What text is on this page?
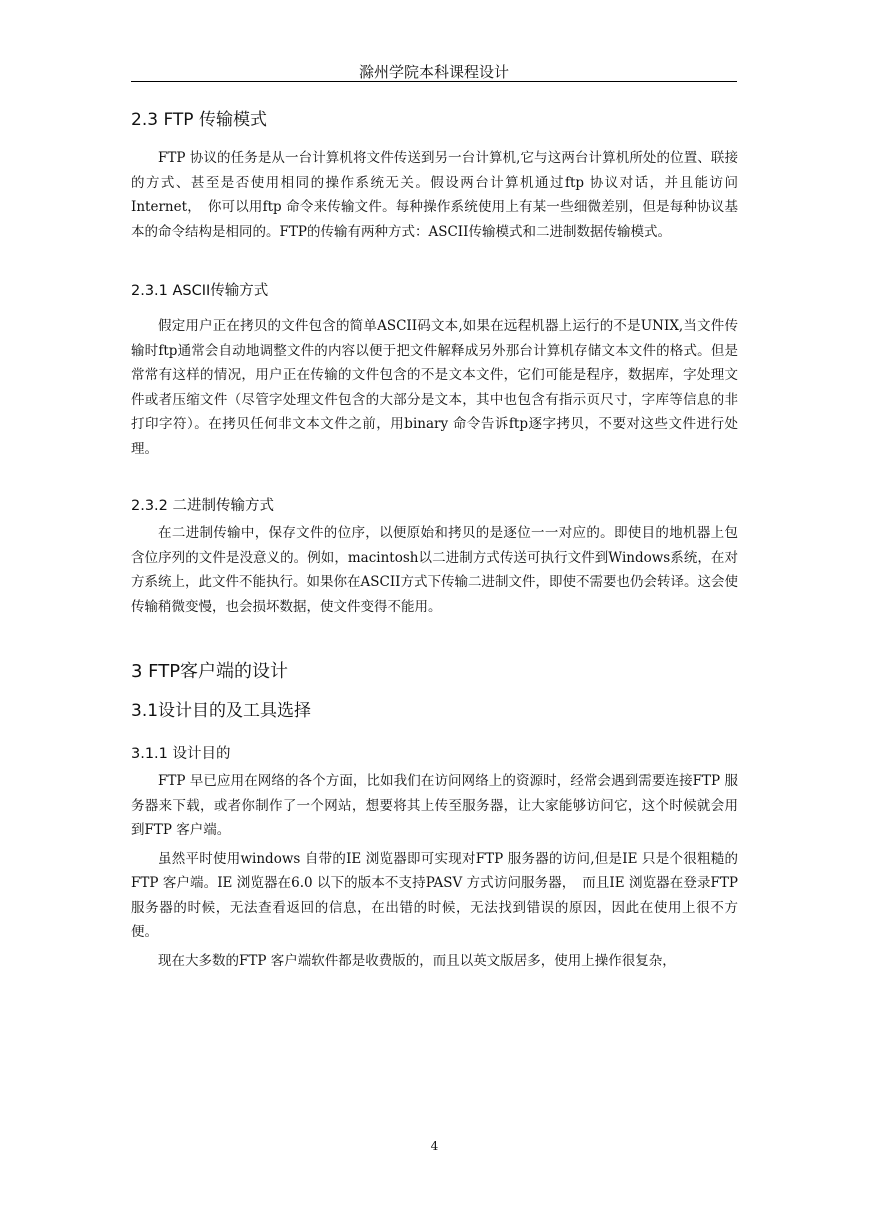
滁州学院本科课程设计
2.3 FTP 传输模式
FTP 协议的任务是从一台计算机将文件传送到另一台计算机,它与这两台计算机所处的位置、联接的方式、甚至是否使用相同的操作系统无关。假设两台计算机通过ftp 协议对话，并且能访问Internet，　你可以用ftp 命令来传输文件。每种操作系统使用上有某一些细微差别，但是每种协议基本的命令结构是相同的。FTP的传输有两种方式：ASCII传输模式和二进制数据传输模式。
2.3.1 ASCII传输方式
假定用户正在拷贝的文件包含的简单ASCII码文本,如果在远程机器上运行的不是UNIX,当文件传输时ftp通常会自动地调整文件的内容以便于把文件解释成另外那台计算机存储文本文件的格式。但是常常有这样的情况，用户正在传输的文件包含的不是文本文件，它们可能是程序，数据库，字处理文件或者压缩文件（尽管字处理文件包含的大部分是文本，其中也包含有指示页尺寸，字库等信息的非打印字符）。在拷贝任何非文本文件之前，用binary 命令告诉ftp逐字拷贝，不要对这些文件进行处理。
2.3.2 二进制传输方式
在二进制传输中，保存文件的位序，以便原始和拷贝的是逐位一一对应的。即使目的地机器上包含位序列的文件是没意义的。例如，macintosh以二进制方式传送可执行文件到Windows系统，在对方系统上，此文件不能执行。如果你在ASCII方式下传输二进制文件，即使不需要也仍会转译。这会使传输稍微变慢，也会损坏数据，使文件变得不能用。
3 FTP客户端的设计
3.1设计目的及工具选择
3.1.1 设计目的
FTP 早已应用在网络的各个方面，比如我们在访问网络上的资源时，经常会遇到需要连接FTP 服务器来下载，或者你制作了一个网站，想要将其上传至服务器，让大家能够访问它，这个时候就会用到FTP 客户端。
虽然平时使用windows 自带的IE 浏览器即可实现对FTP 服务器的访问,但是IE 只是个很粗糙的FTP 客户端。IE 浏览器在6.0 以下的版本不支持PASV 方式访问服务器，　而且IE 浏览器在登录FTP 服务器的时候，无法查看返回的信息，在出错的时候，无法找到错误的原因，因此在使用上很不方便。
现在大多数的FTP 客户端软件都是收费版的，而且以英文版居多，使用上操作很复杂，
4
